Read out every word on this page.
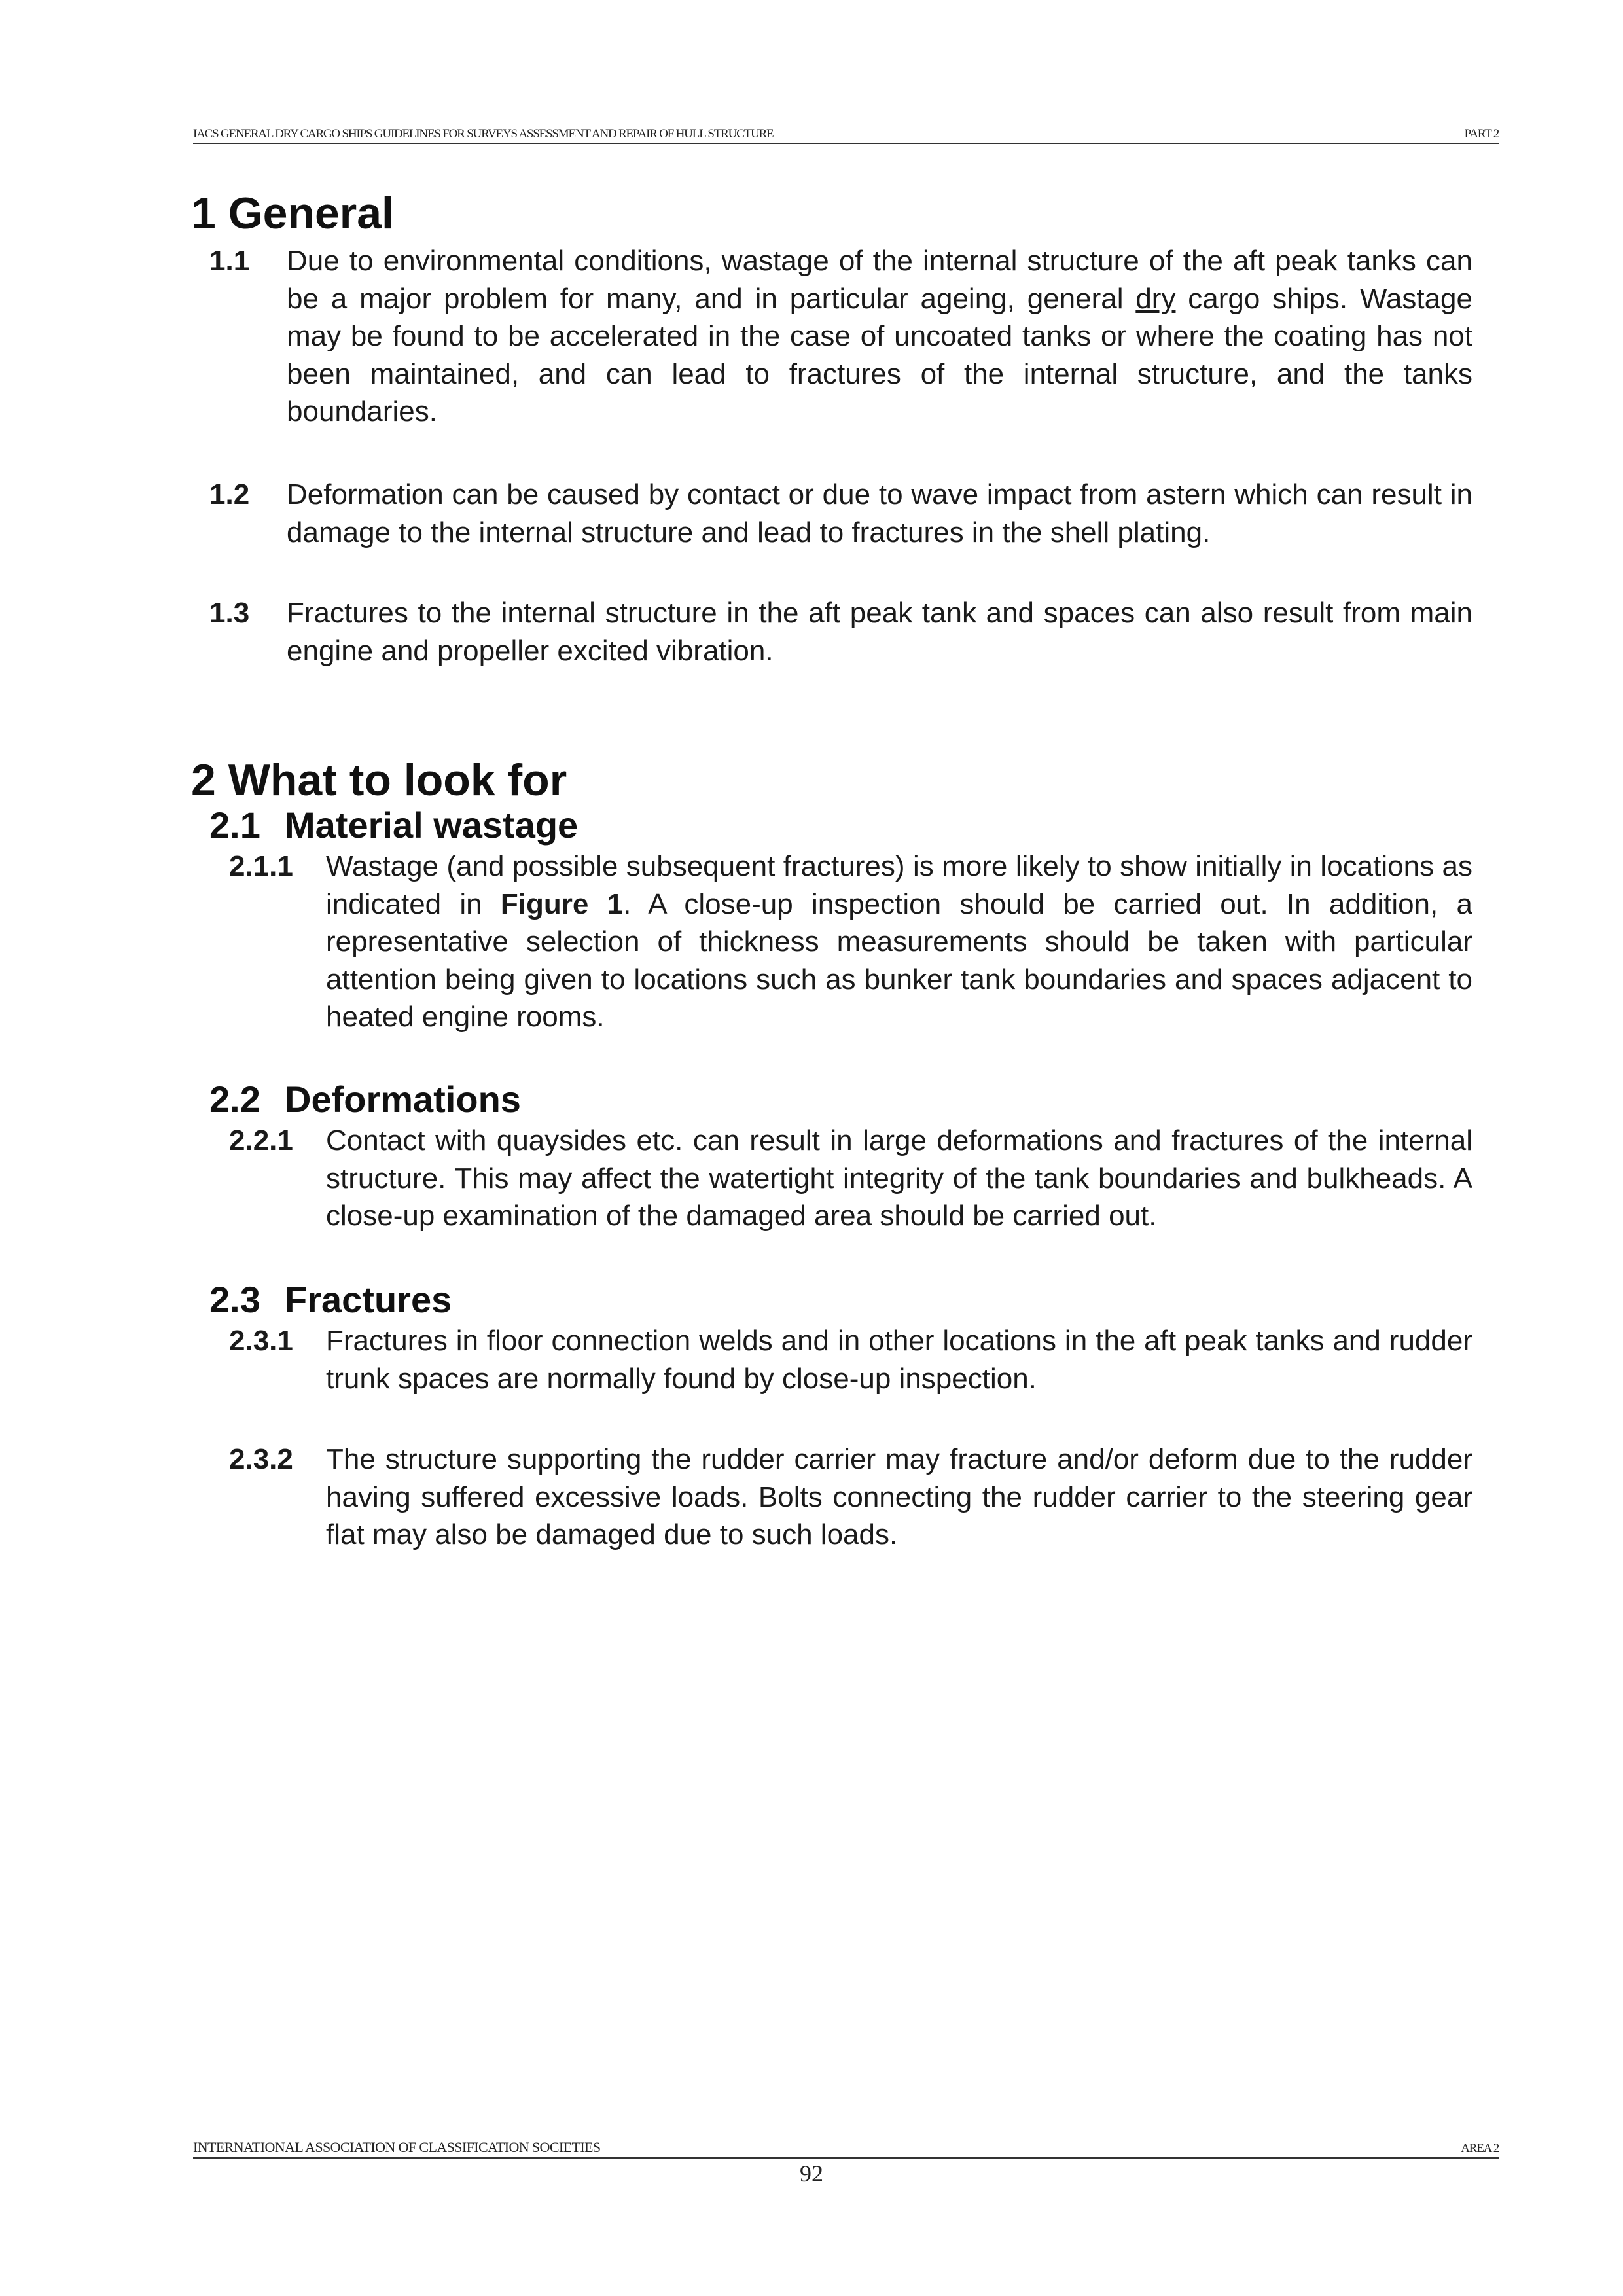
IACS GENERAL DRY CARGO SHIPS GUIDELINES FOR SURVEYS ASSESSMENT AND REPAIR OF HULL STRUCTURE	PART 2
1 General
1.1 Due to environmental conditions, wastage of the internal structure of the aft peak tanks can be a major problem for many, and in particular ageing, general dry cargo ships. Wastage may be found to be accelerated in the case of uncoated tanks or where the coating has not been maintained, and can lead to fractures of the internal structure, and the tanks boundaries.
1.2 Deformation can be caused by contact or due to wave impact from astern which can result in damage to the internal structure and lead to fractures in the shell plating.
1.3 Fractures to the internal structure in the aft peak tank and spaces can also result from main engine and propeller excited vibration.
2 What to look for
2.1 Material wastage
2.1.1 Wastage (and possible subsequent fractures) is more likely to show initially in locations as indicated in Figure 1. A close-up inspection should be carried out. In addition, a representative selection of thickness measurements should be taken with particular attention being given to locations such as bunker tank boundaries and spaces adjacent to heated engine rooms.
2.2 Deformations
2.2.1 Contact with quaysides etc. can result in large deformations and fractures of the internal structure. This may affect the watertight integrity of the tank boundaries and bulkheads. A close-up examination of the damaged area should be carried out.
2.3 Fractures
2.3.1 Fractures in floor connection welds and in other locations in the aft peak tanks and rudder trunk spaces are normally found by close-up inspection.
2.3.2 The structure supporting the rudder carrier may fracture and/or deform due to the rudder having suffered excessive loads. Bolts connecting the rudder carrier to the steering gear flat may also be damaged due to such loads.
INTERNATIONAL ASSOCIATION OF CLASSIFICATION SOCIETIES	AREA 2
92
